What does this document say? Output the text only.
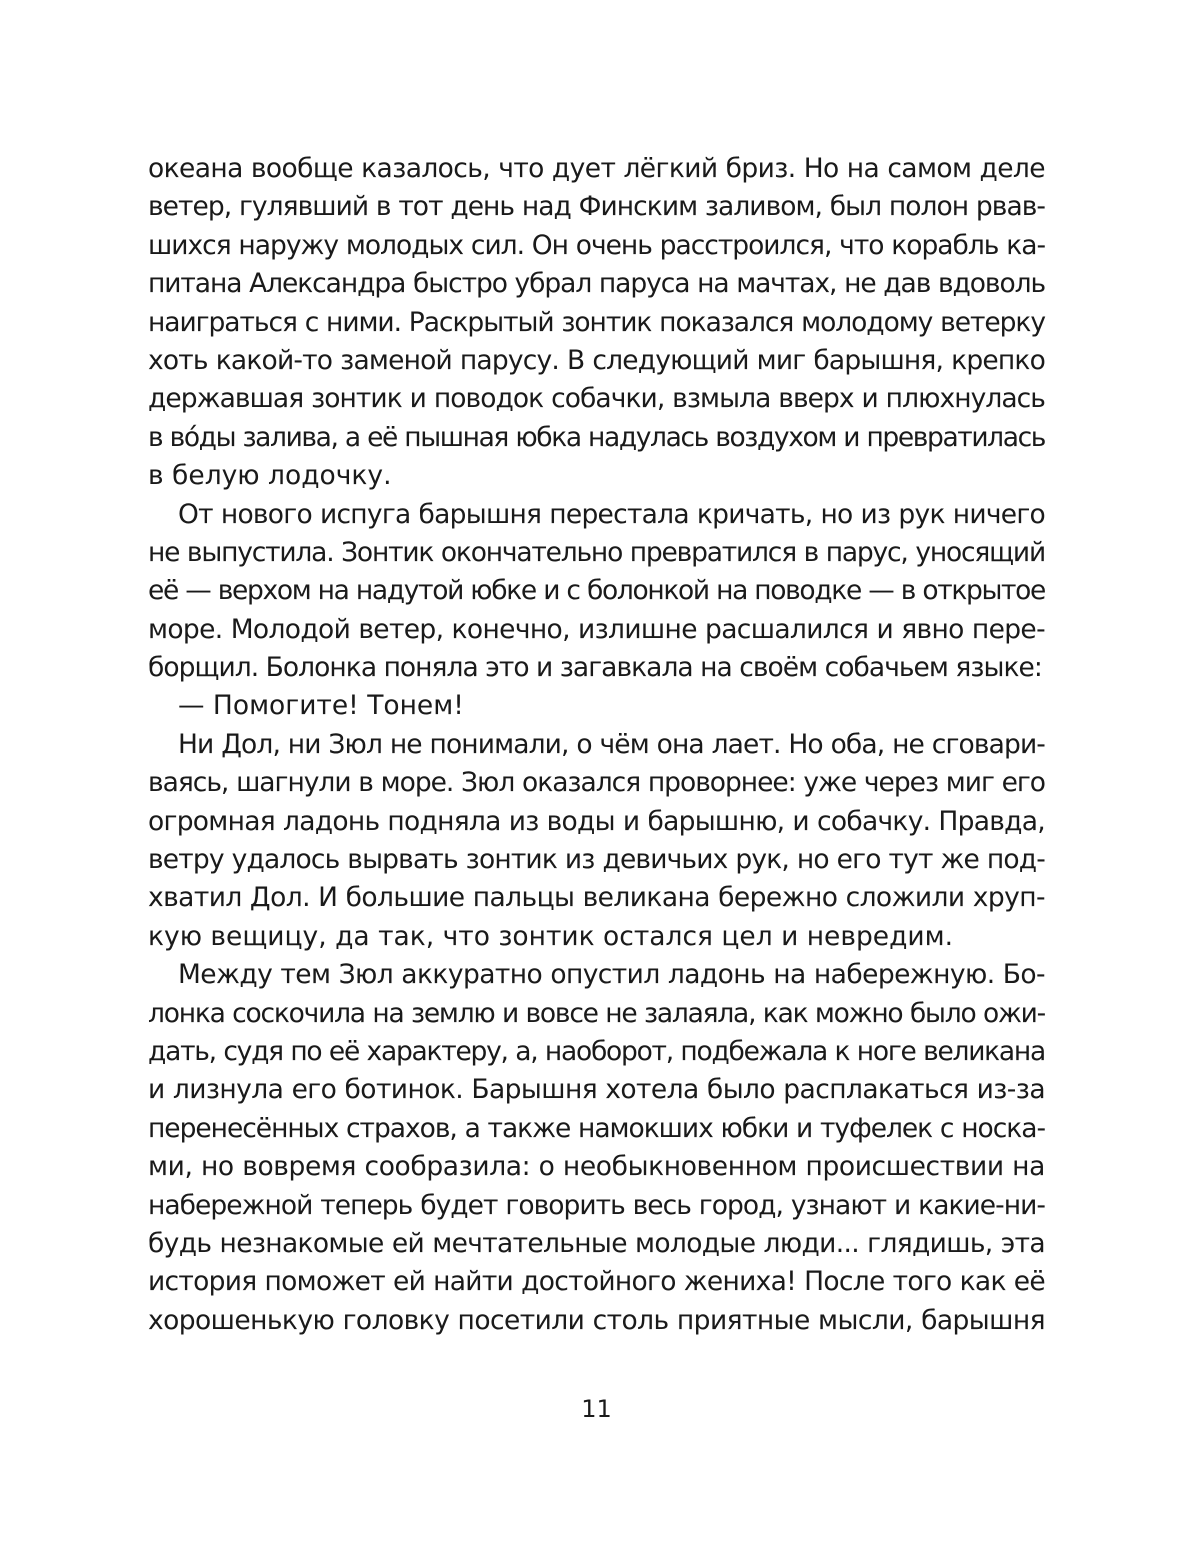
океана вообще казалось, что дует лёгкий бриз. Но на самом деле
ветер, гулявший в тот день над Финским заливом, был полон рвав-
шихся наружу молодых сил. Он очень расстроился, что корабль ка-
питана Александра быстро убрал паруса на мачтах, не дав вдоволь
наиграться с ними. Раскрытый зонтик показался молодому ветерку
хоть какой-то заменой парусу. В следующий миг барышня, крепко
державшая зонтик и поводок собачки, взмыла вверх и плюхнулась
в вóды залива, а её пышная юбка надулась воздухом и превратилась
в белую лодочку.
От нового испуга барышня перестала кричать, но из рук ничего
не выпустила. Зонтик окончательно превратился в парус, уносящий
её — верхом на надутой юбке и с болонкой на поводке — в открытое
море. Молодой ветер, конечно, излишне расшалился и явно пере-
борщил. Болонка поняла это и загавкала на своём собачьем языке:
— Помогите! Тонем!
Ни Дол, ни Зюл не понимали, о чём она лает. Но оба, не сговари-
ваясь, шагнули в море. Зюл оказался проворнее: уже через миг его
огромная ладонь подняла из воды и барышню, и собачку. Правда,
ветру удалось вырвать зонтик из девичьих рук, но его тут же под-
хватил Дол. И большие пальцы великана бережно сложили хруп-
кую вещицу, да так, что зонтик остался цел и невредим.
Между тем Зюл аккуратно опустил ладонь на набережную. Бо-
лонка соскочила на землю и вовсе не залаяла, как можно было ожи-
дать, судя по её характеру, а, наоборот, подбежала к ноге великана
и лизнула его ботинок. Барышня хотела было расплакаться из-за
перенесённых страхов, а также намокших юбки и туфелек с носка-
ми, но вовремя сообразила: о необыкновенном происшествии на
набережной теперь будет говорить весь город, узнают и какие-ни-
будь незнакомые ей мечтательные молодые люди... глядишь, эта
история поможет ей найти достойного жениха! После того как её
хорошенькую головку посетили столь приятные мысли, барышня
11
